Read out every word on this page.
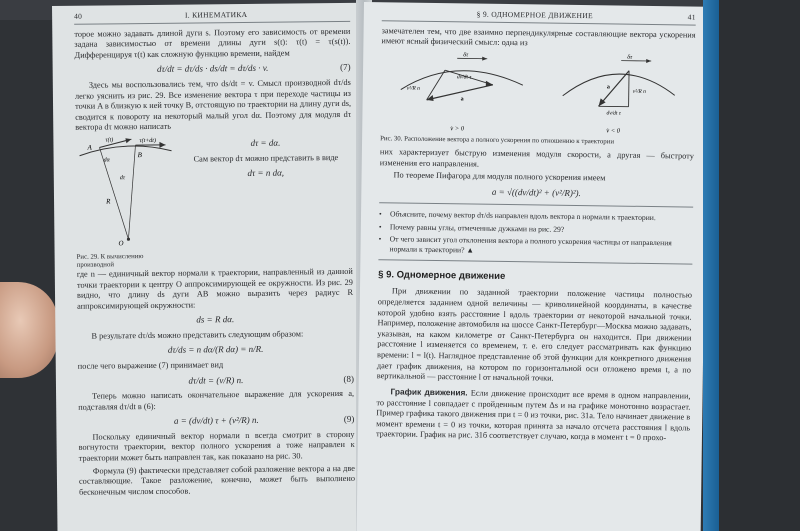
40	I. КИНЕМАТИКА

торое можно задавать длиной дуги s. Поэтому его зависимость от времени задана зависимостью от времени длины дуги s(t): τ(t) = τ(s(t)). Дифференцируя τ(t) как сложную функцию времени, найдем

dτ/dt = dτ/ds · ds/dt = dτ/ds · v.	(7)

Здесь мы воспользовались тем, что ds/dt = v. Смысл производной dτ/ds легко уяснить из рис. 29. Все изменение вектора τ при переходе частицы из точки A в близкую к ней точку B, отстоящую по траектории на длину дуги ds, сводится к повороту на некоторый малый угол dα. Поэтому для модуля dτ вектора dτ можно написать

A
B
dα
τ(t)	τ(t+dt)
dτ
R
O
Рис. 29. К вычислению производной
dτ = dα.

Сам вектор dτ можно представить в виде

dτ = n dα,

где n — единичный вектор нормали к траектории, направленный из данной точки траектории к центру O аппроксимирующей ее окружности. Из рис. 29 видно, что длину ds дуги AB можно выразить через радиус R аппроксимирующей окружности:

ds = R dα.

В результате dτ/ds можно представить следующим образом:

dτ/ds = n dα/(R dα) = n/R.

после чего выражение (7) принимает вид

dτ/dt = (v/R) n.	(8)

Теперь можно написать окончательное выражение для ускорения a, подставляя dτ/dt в (6):

a = (dv/dt) τ + (v²/R) n.	(9)

Поскольку единичный вектор нормали n всегда смотрит в сторону вогнутости траектории, вектор полного ускорения a тоже направлен к траектории может быть направлен так, как показано на рис. 30.

Формула (9) фактически представляет собой разложение вектора a на две составляющие. Такое разложение, конечно, может быть выполнено бесконечным числом способов.

§ 9. ОДНОМЕРНОЕ ДВИЖЕНИЕ	41

замечателен тем, что две взаимно перпендикулярные составляющие вектора ускорения имеют ясный физический смысл: одна из

δτ
dv/dt τ
v²/R n
a
v̇ > 0
δτ
dv/dt τ
v²/R n
a
v̇ < 0
Рис. 30. Расположение вектора a полного ускорения по отношению к траектории

них характеризует быструю изменения модуля скорости, а другая — быстроту изменения его направления.

По теореме Пифагора для модуля полного ускорения имеем

a = √((dv/dt)² + (v²/R)²).
•	Объясните, почему вектор dτ/ds направлен вдоль вектора n нормали к траектории.
•	Почему равны углы, отмеченные дужками на рис. 29?
•	От чего зависит угол отклонения вектора a полного ускорения частицы от направления нормали к траектории? ▲
§ 9. Одномерное движение

При движении по заданной траектории положение частицы полностью определяется заданием одной величины — криволинейной координаты, в качестве которой удобно взять расстояние l вдоль траектории от некоторой начальной точки. Например, положение автомобиля на шоссе Санкт-Петербург—Москва можно задавать, указывая, на каком километре от Санкт-Петербурга он находится. При движении расстояние l изменяется со временем, т. е. его следует рассматривать как функцию времени: l = l(t). Наглядное представление об этой функции для конкретного движения дает график движения, на котором по горизонтальной оси отложено время t, а по вертикальной — расстояние l от начальной точки.

График движения. Если движение происходит все время в одном направлении, то расстояние l совпадает с пройденным путем Δs и на графике монотонно возрастает. Пример графика такого движения при t = 0 из точки, рис. 31а. Тело начинает движение в момент времени t = 0 из точки, которая принята за начало отсчета расстояния l вдоль траектории. График на рис. 31б соответствует случаю, когда в момент t = 0 прохо-
